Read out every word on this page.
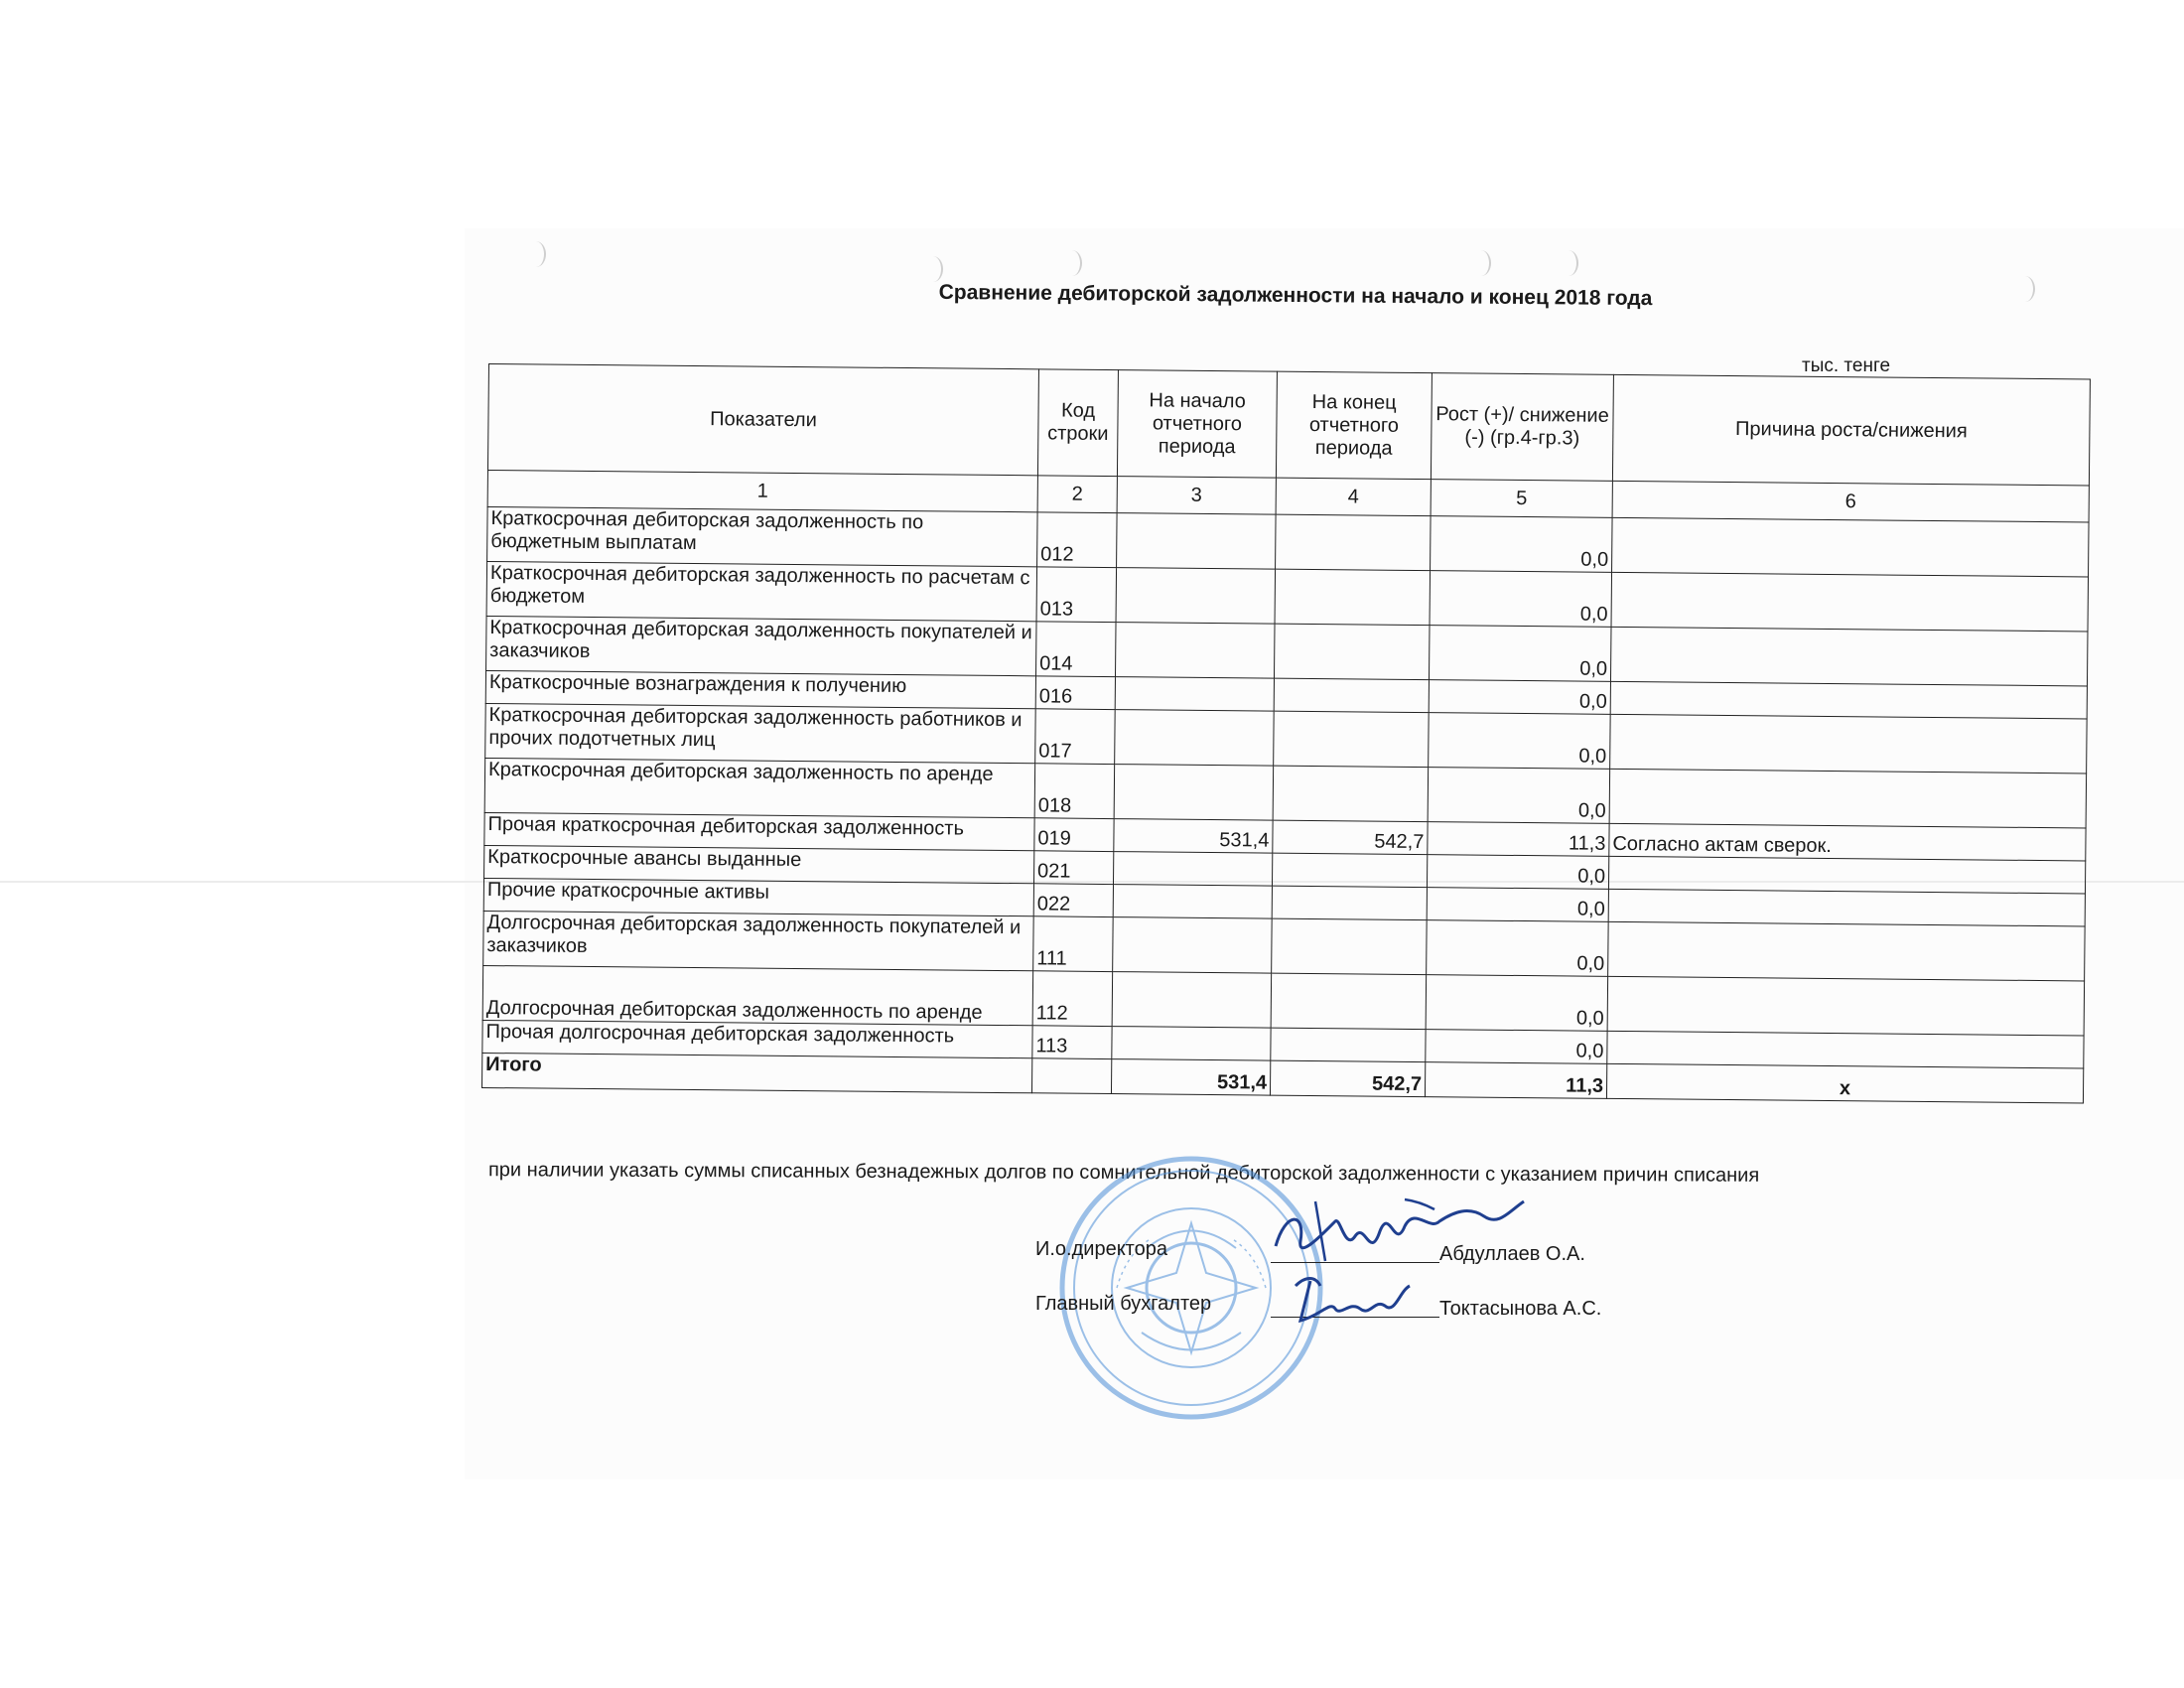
Сравнение дебиторской задолженности на начало и конец 2018 года
тыс. тенге
Показатели	Код строки	На начало отчетного периода	На конец отчетного периода	Рост (+)/ снижение (-) (гр.4-гр.3)	Причина роста/снижения
1	2	3	4	5	6
Краткосрочная дебиторская задолженность по бюджетным выплатам	012			0,0	
Краткосрочная дебиторская задолженность по расчетам с бюджетом	013			0,0	
Краткосрочная дебиторская задолженность покупателей и заказчиков	014			0,0	
Краткосрочные вознаграждения к получению	016			0,0	
Краткосрочная дебиторская задолженность работников и прочих подотчетных лиц	017			0,0	
Краткосрочная дебиторская задолженность по аренде	018			0,0	
Прочая краткосрочная дебиторская задолженность	019	531,4	542,7	11,3	Согласно актам сверок.
Краткосрочные авансы выданные	021			0,0	
Прочие краткосрочные активы	022			0,0	
Долгосрочная дебиторская задолженность покупателей и заказчиков	111			0,0	
Долгосрочная дебиторская задолженность по аренде	112			0,0	
Прочая долгосрочная дебиторская задолженность	113			0,0	
Итого		531,4	542,7	11,3	x
при наличии указать суммы списанных безнадежных долгов по сомнительной дебиторской задолженности с указанием причин списания
И.о.директора	Абдуллаев О.А.
Главный бухгалтер	Токтасынова А.С.
